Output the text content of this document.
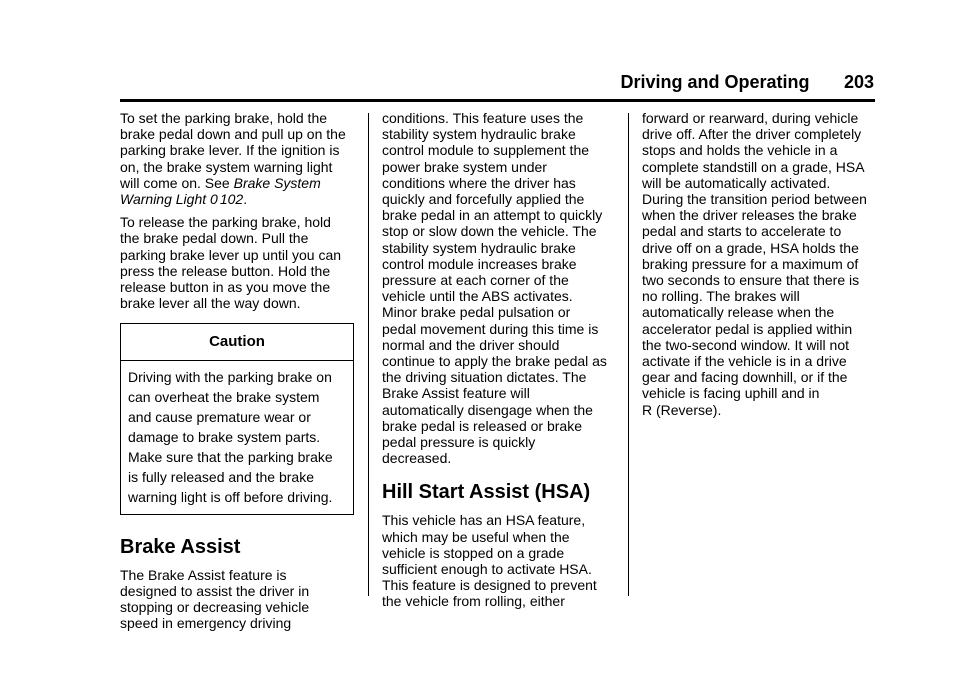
Driving and Operating 203

To set the parking brake, hold the
brake pedal down and pull up on the
parking brake lever. If the ignition is
on, the brake system warning light
will come on. See Brake System
Warning Light 0 102.

To release the parking brake, hold
the brake pedal down. Pull the
parking brake lever up until you can
press the release button. Hold the
release button in as you move the
brake lever all the way down.

Caution
Driving with the parking brake on
can overheat the brake system
and cause premature wear or
damage to brake system parts.
Make sure that the parking brake
is fully released and the brake
warning light is off before driving.
Brake Assist

The Brake Assist feature is
designed to assist the driver in
stopping or decreasing vehicle
speed in emergency driving

conditions. This feature uses the
stability system hydraulic brake
control module to supplement the
power brake system under
conditions where the driver has
quickly and forcefully applied the
brake pedal in an attempt to quickly
stop or slow down the vehicle. The
stability system hydraulic brake
control module increases brake
pressure at each corner of the
vehicle until the ABS activates.
Minor brake pedal pulsation or
pedal movement during this time is
normal and the driver should
continue to apply the brake pedal as
the driving situation dictates. The
Brake Assist feature will
automatically disengage when the
brake pedal is released or brake
pedal pressure is quickly
decreased.

Hill Start Assist (HSA)

This vehicle has an HSA feature,
which may be useful when the
vehicle is stopped on a grade
sufficient enough to activate HSA.
This feature is designed to prevent
the vehicle from rolling, either

forward or rearward, during vehicle
drive off. After the driver completely
stops and holds the vehicle in a
complete standstill on a grade, HSA
will be automatically activated.
During the transition period between
when the driver releases the brake
pedal and starts to accelerate to
drive off on a grade, HSA holds the
braking pressure for a maximum of
two seconds to ensure that there is
no rolling. The brakes will
automatically release when the
accelerator pedal is applied within
the two-second window. It will not
activate if the vehicle is in a drive
gear and facing downhill, or if the
vehicle is facing uphill and in
R (Reverse).
